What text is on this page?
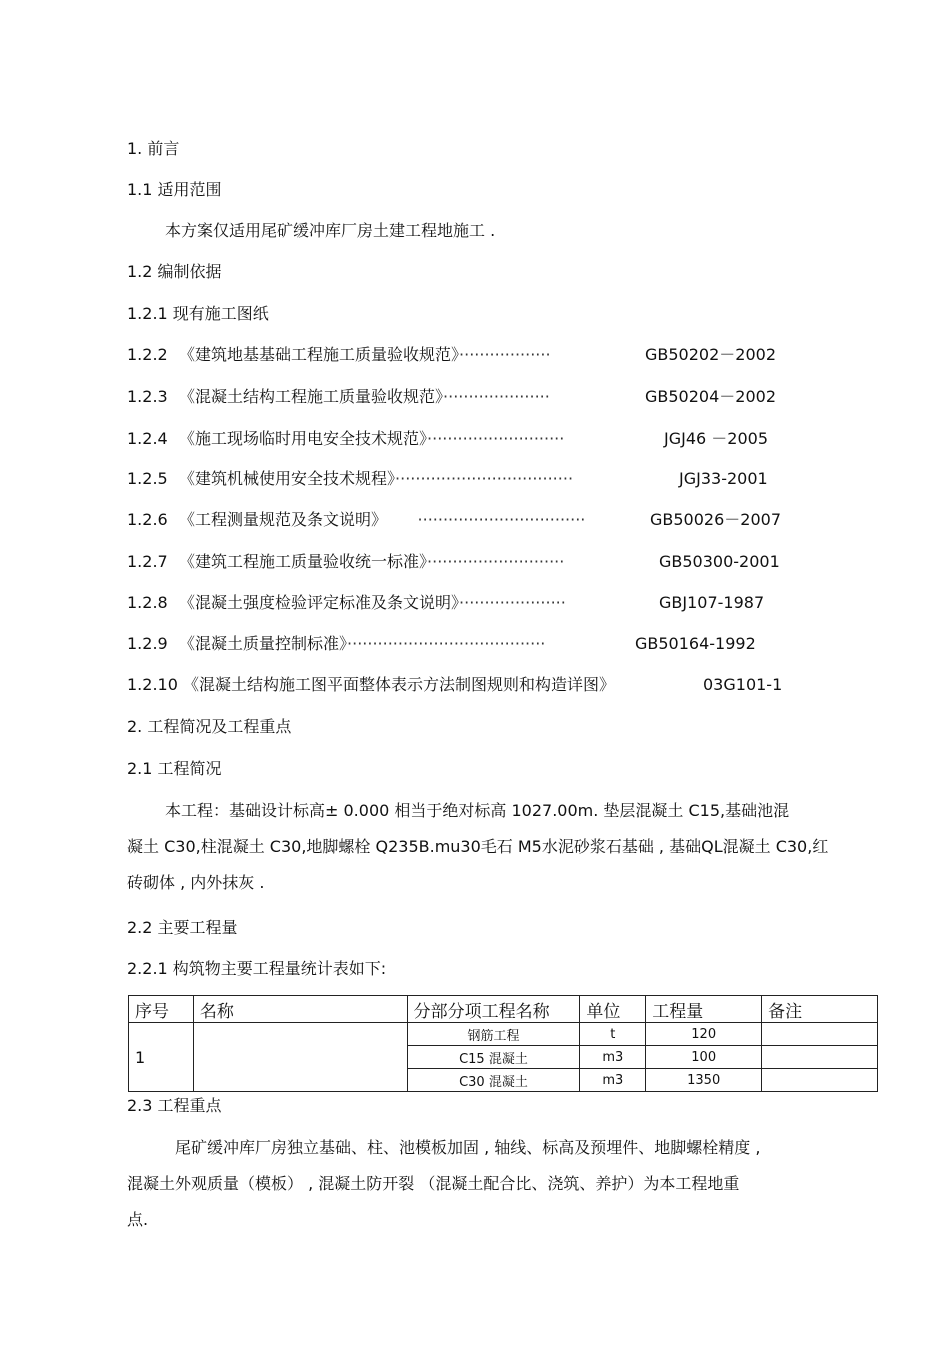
1. 前言
1.1 适用范围
本方案仅适用尾矿缓冲库厂房土建工程地施工 .
1.2 编制依据
1.2.1 现有施工图纸
1.2.2 《建筑地基基础工程施工质量验收规范》··················	GB50202－2002
1.2.3 《混凝土结构工程施工质量验收规范》·····················	GB50204－2002
1.2.4 《施工现场临时用电安全技术规范》···························	JGJ46 －2005
1.2.5 《建筑机械使用安全技术规程》···································	JGJ33-2001
1.2.6 《工程测量规范及条文说明》 ·································	GB50026－2007
1.2.7 《建筑工程施工质量验收统一标准》···························	GB50300-2001
1.2.8 《混凝土强度检验评定标准及条文说明》·····················	GBJ107-1987
1.2.9 《混凝土质量控制标准》·······································	GB50164-1992
1.2.10 《混凝土结构施工图平面整体表示方法制图规则和构造详图》	03G101-1
2. 工程简况及工程重点
2.1 工程简况

本工程：基础设计标高± 0.000 相当于绝对标高 1027.00m. 垫层混凝土 C15,基础池混

凝土 C30,柱混凝土 C30,地脚螺栓 Q235B.mu30毛石 M5水泥砂浆石基础 , 基础QL混凝土 C30,红

砖砌体 , 内外抹灰 .

2.2 主要工程量
2.2.1 构筑物主要工程量统计表如下:
序号	名称	分部分项工程名称	单位	工程量	备注
1		钢筋工程	t	120	
		C15 混凝土	m3	100	
		C30 混凝土	m3	1350	
2.3 工程重点

尾矿缓冲库厂房独立基础、柱、池模板加固 , 轴线、标高及预埋件、地脚螺栓精度 ,

混凝土外观质量（模板） , 混凝土防开裂 （混凝土配合比、浇筑、养护）为本工程地重

点.
